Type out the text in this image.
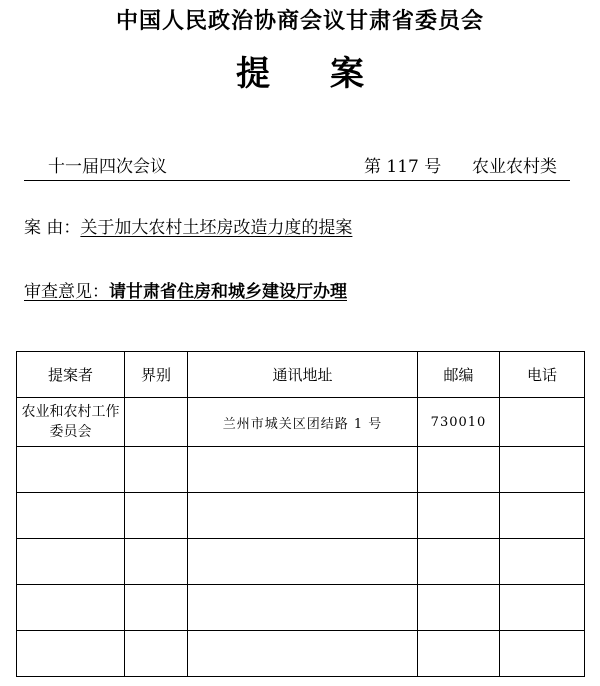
中国人民政治协商会议甘肃省委员会
提案
十一届四次会议	第 117 号 农业农村类
案 由：关于加大农村土坯房改造力度的提案
审查意见：请甘肃省住房和城乡建设厅办理
提案者	界别	通讯地址	邮编	电话
农业和农村工作委员会		兰州市城关区团结路 1 号	730010	
